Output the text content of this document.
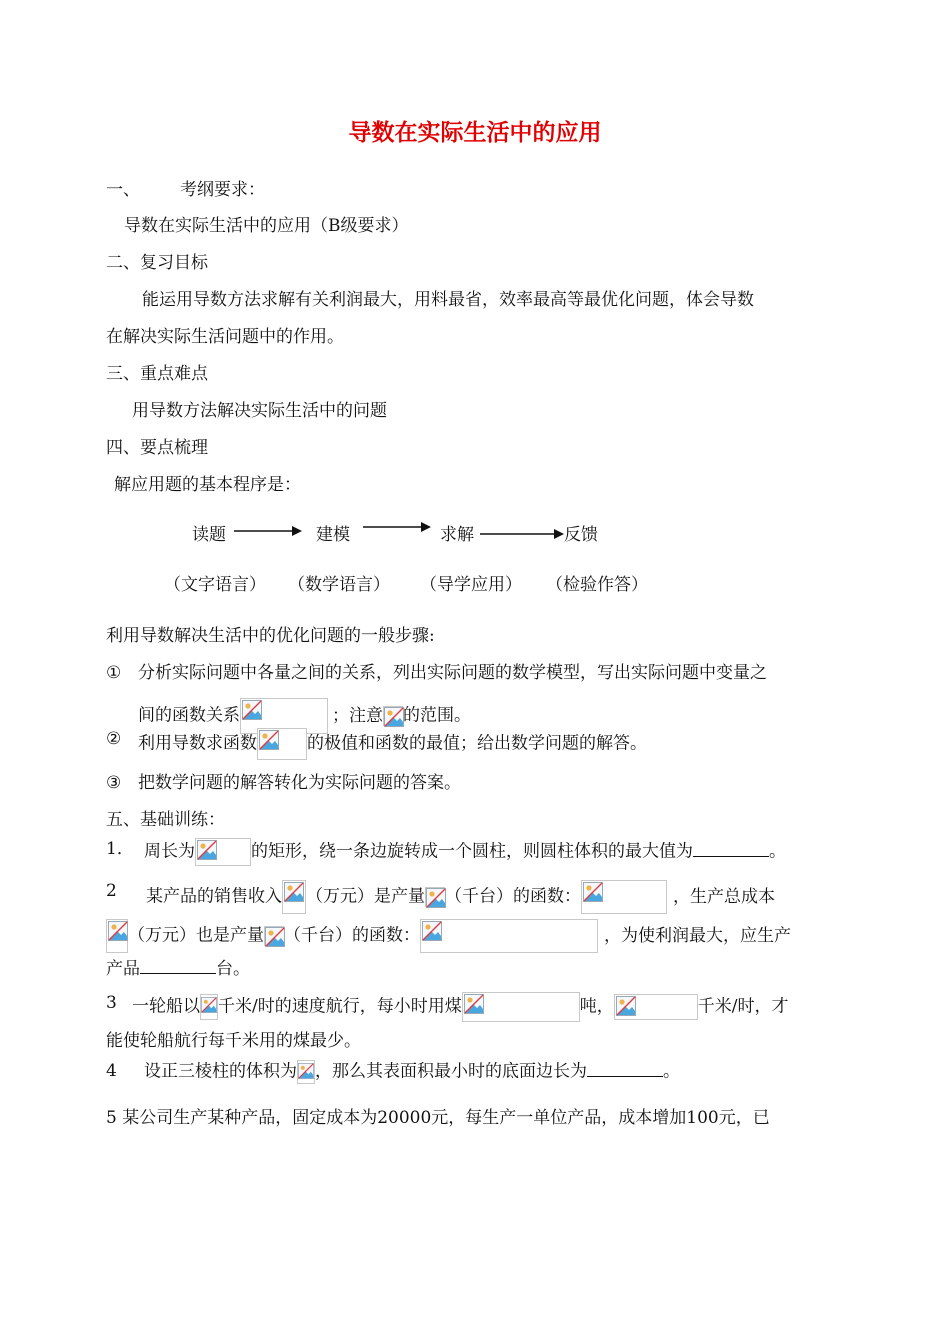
导数在实际生活中的应用
一、 考纲要求：
导数在实际生活中的应用（B级要求）
二、复习目标
能运用导数方法求解有关利润最大，用料最省，效率最高等最优化问题，体会导数
在解决实际生活问题中的作用。
三、重点难点
用导数方法解决实际生活中的问题
四、要点梳理
解应用题的基本程序是：
读题	建模	求解	反馈
（文字语言） （数学语言） （导学应用） （检验作答）
利用导数解决生活中的优化问题的一般步骤:
① 分析实际问题中各量之间的关系，列出实际问题的数学模型，写出实际问题中变量之
间的函数关系	；注意 的范围。
② 利用导数求函数	的极值和函数的最值；给出数学问题的解答。
③ 把数学问题的解答转化为实际问题的答案。
五、基础训练：
1． 周长为	的矩形，绕一条边旋转成一个圆柱，则圆柱体积的最大值为	。
2 某产品的销售收入 （万元）是产量 （千台）的函数：	，生产总成本
（万元）也是产量 （千台）的函数：	，为使利润最大，应生产
产品	台。
3 一轮船以 千米/时的速度航行，每小时用煤	吨，	千米/时，才
能使轮船航行每千米用的煤最少。
4 设正三棱柱的体积为 ，那么其表面积最小时的底面边长为	。
5 某公司生产某种产品，固定成本为20000元，每生产一单位产品，成本增加100元，已
